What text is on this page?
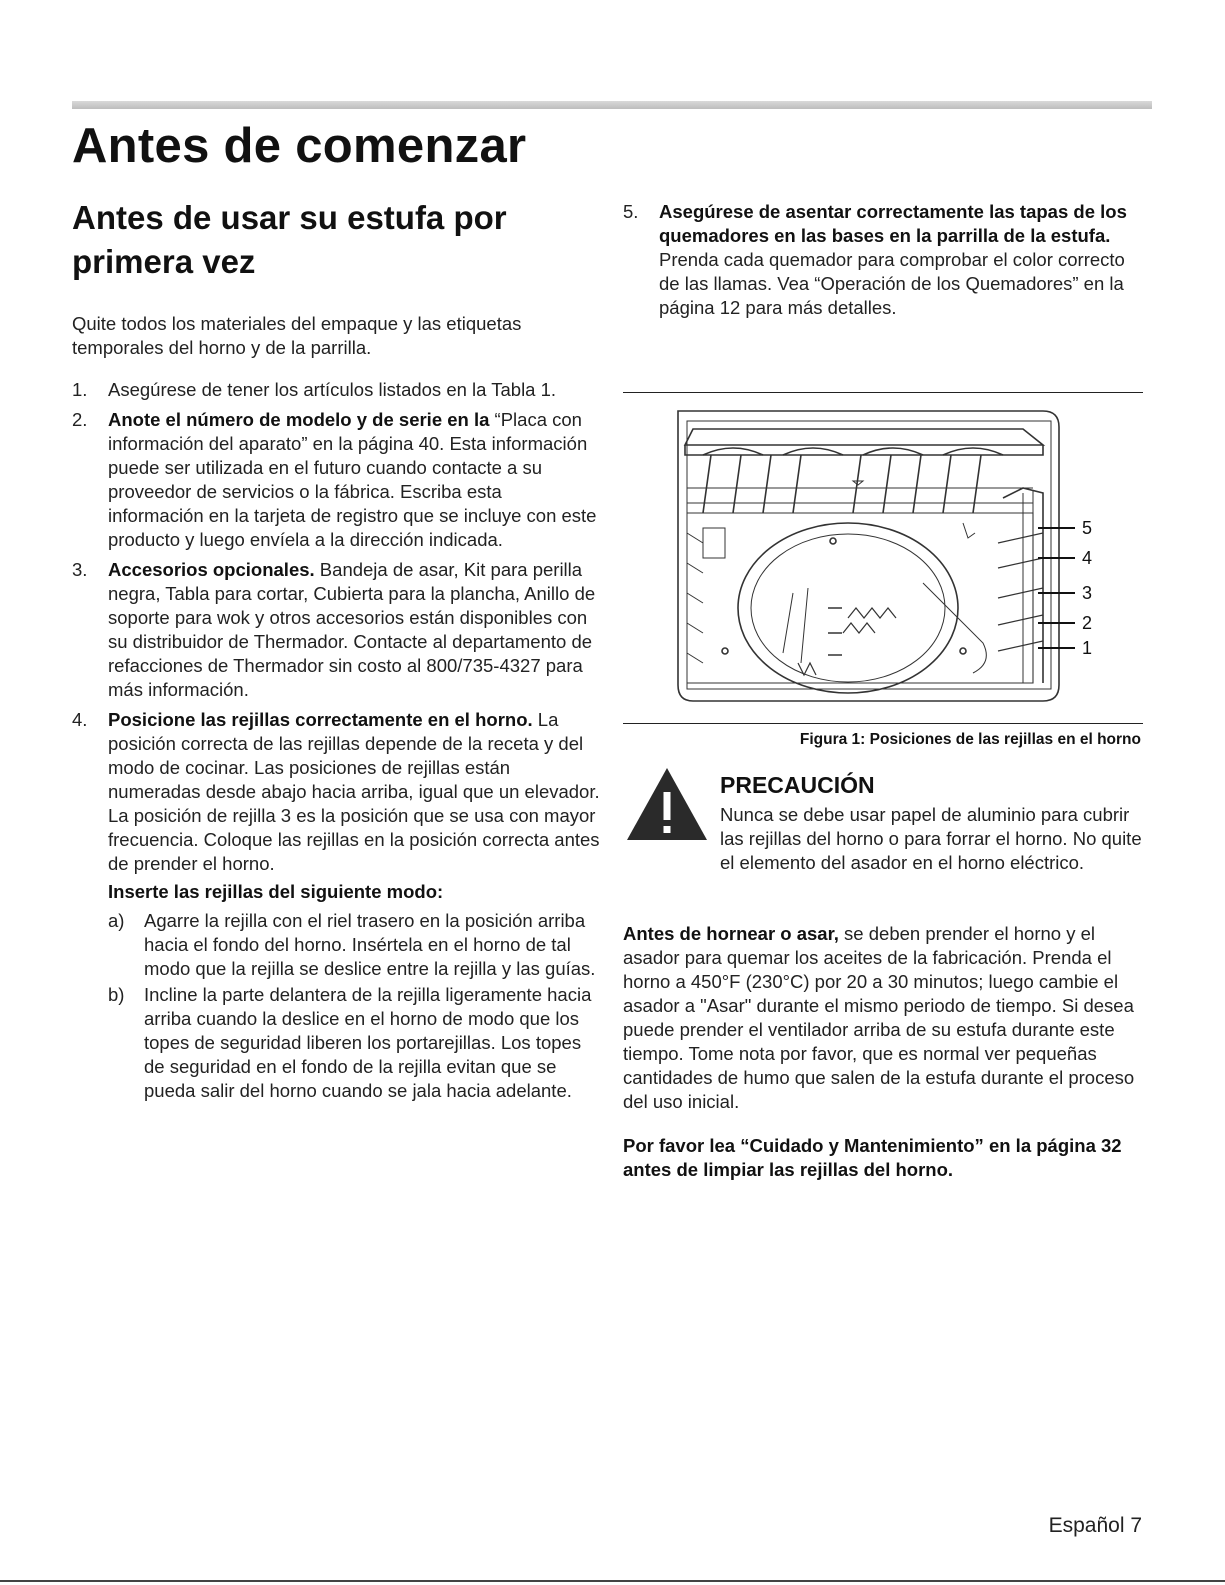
Antes de comenzar
Antes de usar su estufa por primera vez

Quite todos los materiales del empaque y las etiquetas temporales del horno y de la parrilla.

1. Asegúrese de tener los artículos listados en la Tabla 1.
2. Anote el número de modelo y de serie en la “Placa con información del aparato” en la página 40. Esta información puede ser utilizada en el futuro cuando contacte a su proveedor de servicios o la fábrica. Escriba esta información en la tarjeta de registro que se incluye con este producto y luego envíela a la dirección indicada.
3. Accesorios opcionales. Bandeja de asar, Kit para perilla negra, Tabla para cortar, Cubierta para la plancha, Anillo de soporte para wok y otros accesorios están disponibles con su distribuidor de Thermador. Contacte al departamento de refacciones de Thermador sin costo al 800/735-4327 para más información.
4. Posicione las rejillas correctamente en el horno. La posición correcta de las rejillas depende de la receta y del modo de cocinar. Las posiciones de rejillas están numeradas desde abajo hacia arriba, igual que un elevador. La posición de rejilla 3 es la posición que se usa con mayor frecuencia. Coloque las rejillas en la posición correcta antes de prender el horno.

Inserte las rejillas del siguiente modo:

a) Agarre la rejilla con el riel trasero en la posición arriba hacia el fondo del horno. Insértela en el horno de tal modo que la rejilla se deslice entre la rejilla y las guías.
b) Incline la parte delantera de la rejilla ligeramente hacia arriba cuando la deslice en el horno de modo que los topes de seguridad liberen los portarejillas. Los topes de seguridad en el fondo de la rejilla evitan que se pueda salir del horno cuando se jala hacia adelante.

5. Asegúrese de asentar correctamente las tapas de los quemadores en las bases en la parrilla de la estufa. Prenda cada quemador para comprobar el color correcto de las llamas. Vea “Operación de los Quemadores” en la página 12 para más detalles.

5
4
3
2
1
Figura 1: Posiciones de las rejillas en el horno
PRECAUCIÓN

Nunca se debe usar papel de aluminio para cubrir las rejillas del horno o para forrar el horno. No quite el elemento del asador en el horno eléctrico.

Antes de hornear o asar, se deben prender el horno y el asador para quemar los aceites de la fabricación. Prenda el horno a 450°F (230°C) por 20 a 30 minutos; luego cambie el asador a "Asar" durante el mismo periodo de tiempo. Si desea puede prender el ventilador arriba de su estufa durante este tiempo. Tome nota por favor, que es normal ver pequeñas cantidades de humo que salen de la estufa durante el proceso del uso inicial.

Por favor lea “Cuidado y Mantenimiento” en la página 32 antes de limpiar las rejillas del horno.

Español 7
